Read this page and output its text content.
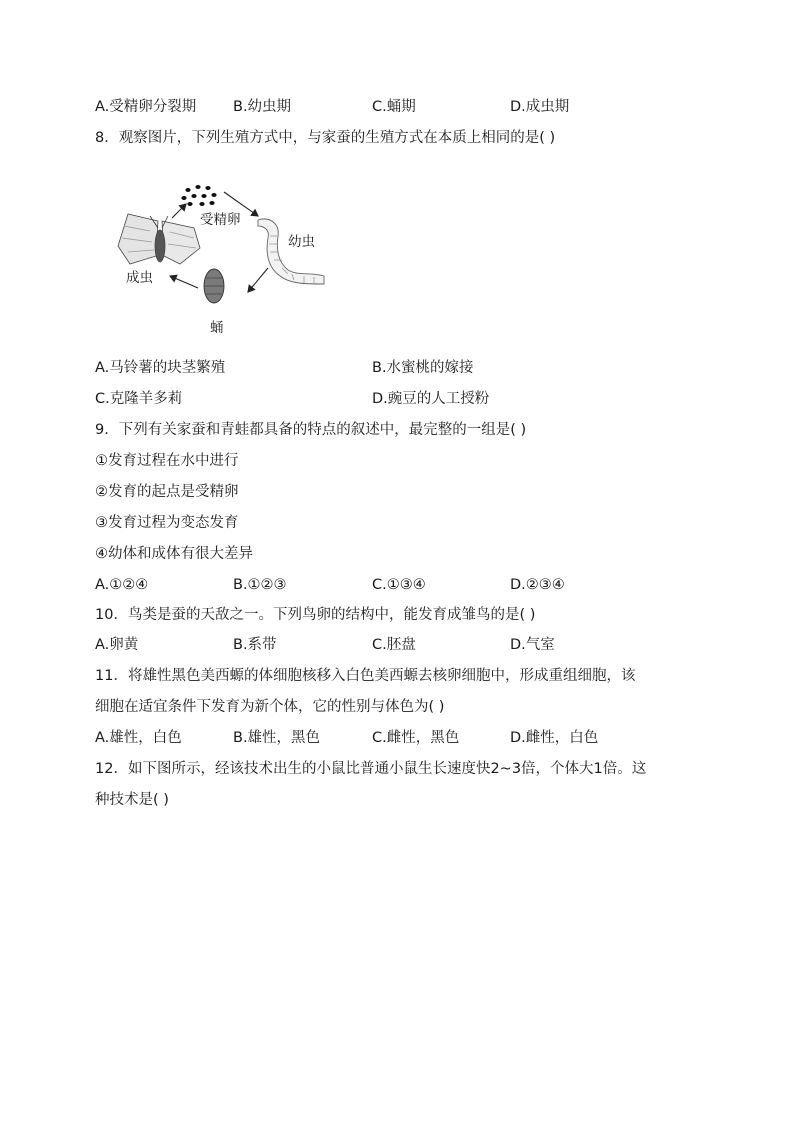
A.受精卵分裂期	B.幼虫期	C.蛹期	D.成虫期
8．观察图片，下列生殖方式中，与家蚕的生殖方式在本质上相同的是( )
受精卵
幼虫
成虫
蛹
A.马铃薯的块茎繁殖	B.水蜜桃的嫁接
C.克隆羊多莉	D.豌豆的人工授粉
9．下列有关家蚕和青蛙都具备的特点的叙述中，最完整的一组是( )
①发育过程在水中进行
②发育的起点是受精卵
③发育过程为变态发育
④幼体和成体有很大差异
A.①②④	B.①②③	C.①③④	D.②③④
10．鸟类是蚕的天敌之一。下列鸟卵的结构中，能发育成雏鸟的是( )
A.卵黄	B.系带	C.胚盘	D.气室
11．将雄性黑色美西螈的体细胞核移入白色美西螈去核卵细胞中，形成重组细胞，该
细胞在适宜条件下发育为新个体，它的性别与体色为( )
A.雄性，白色	B.雄性，黑色	C.雌性，黑色	D.雌性，白色
12．如下图所示，经该技术出生的小鼠比普通小鼠生长速度快2~3倍，个体大1倍。这
种技术是( )
